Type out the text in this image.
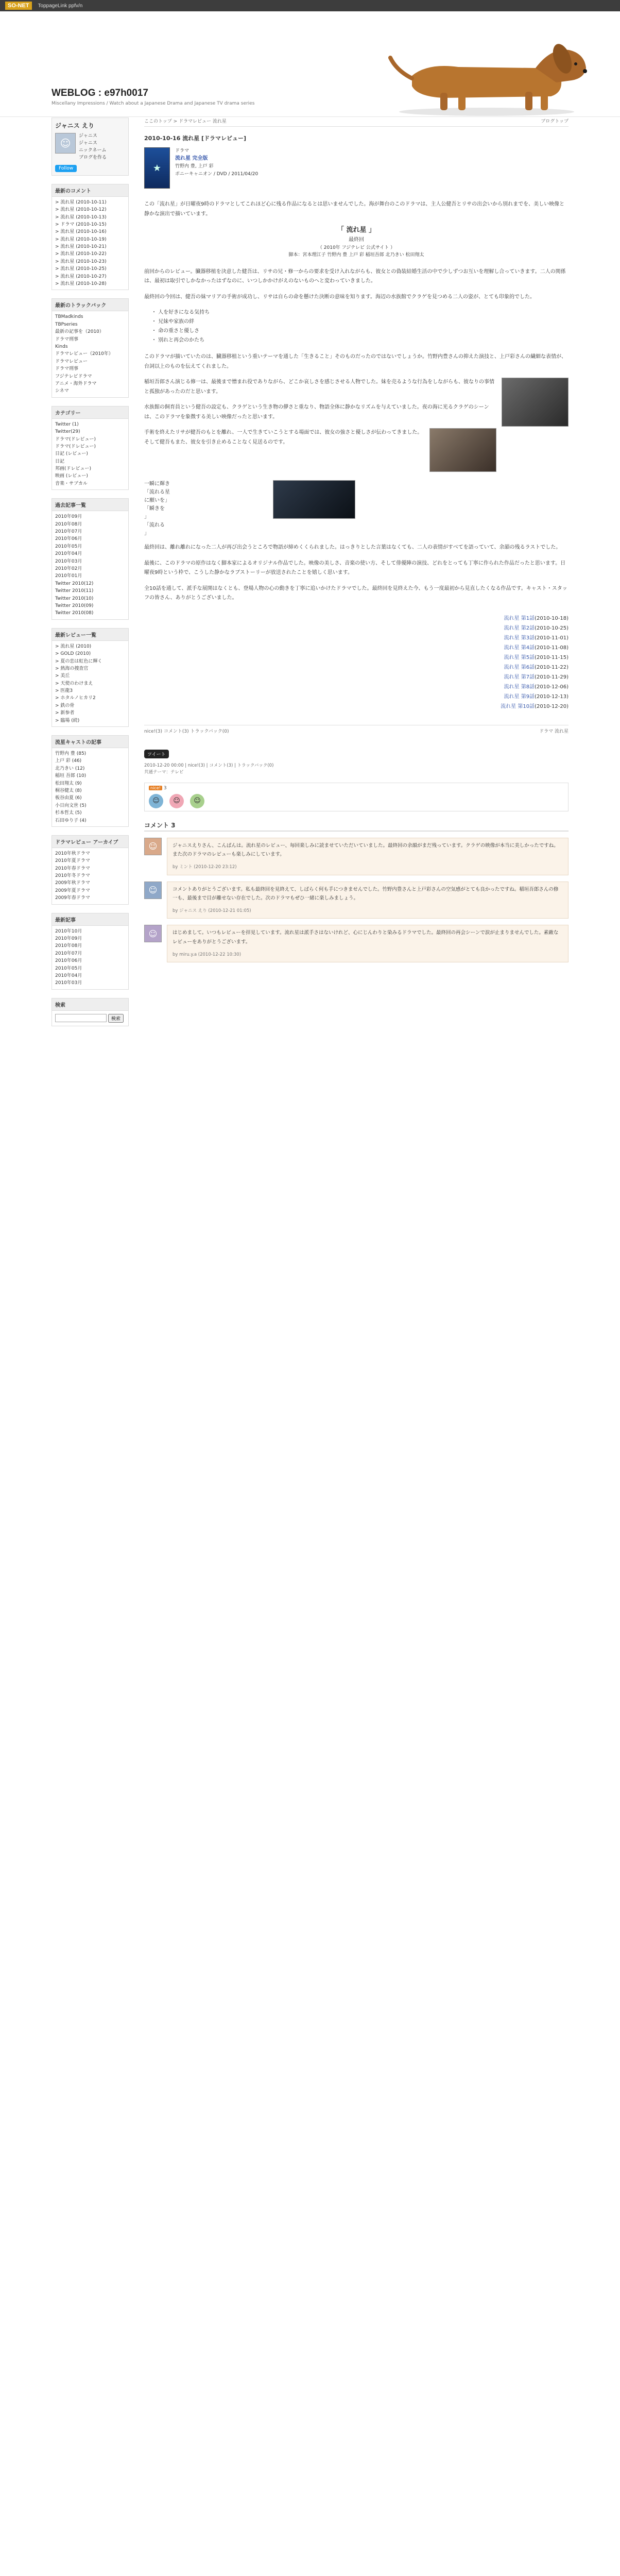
SO-NET	ToppageLink ppfv/n
WEBLOG : e97h0017
Miscellany Impressions / Watch about a Japanese Drama and Japanese TV drama series
ジャニス えり
☺
ジャニス
ジャニス
ニックネーム
ブログを作る
Follow
最新のコメント
> 流れ星 (2010-10-11)
> 流れ星 (2010-10-12)
> 流れ星 (2010-10-13)
> ドラマ (2010-10-15)
> 流れ星 (2010-10-16)
> 流れ星 (2010-10-19)
> 流れ星 (2010-10-21)
> 流れ星 (2010-10-22)
> 流れ星 (2010-10-23)
> 流れ星 (2010-10-25)
> 流れ星 (2010-10-27)
> 流れ星 (2010-10-28)
最新のトラックバック
TBMadkinds
TBPseries
最新の記事を（2010）
ドラマ刑事
Kinds
ドラマレビュー（2010年）
ドラマレビュー
ドラマ刑事
フジテレビドラマ
アニメ・海外ドラマ
シネマ
カテゴリー
Twitter (1)
Twitter(29)
ドラマ(ドレビュー)
ドラマ(ドレビュー)
日記 (レビュー)
日記
邦画(ドレビュー)
映画 (レビュー)
音楽・サブカル
過去記事一覧
2010年09月
2010年08月
2010年07月
2010年06月
2010年05月
2010年04月
2010年03月
2010年02月
2010年01月
Twitter 2010(12)
Twitter 2010(11)
Twitter 2010(10)
Twitter 2010(09)
Twitter 2010(08)
最新レビュー一覧
> 流れ星 (2010)
> GOLD (2010)
> 夏の恋は虹色に輝く
> 熱海の捜査官
> 美丘
> 天使のわけまえ
> 医龍3
> ホタルノヒカリ2
> 鉄の骨
> 新参者
> 臨場 (続)
流星キャストの記事
竹野内 豊 (85)
上戸 彩 (46)
北乃きい (12)
稲垣 吾郎 (10)
松田翔太 (9)
桐谷健太 (8)
板谷由夏 (6)
小日向文世 (5)
杉本哲太 (5)
石田ゆり子 (4)
ドラマレビュー アーカイブ
2010年秋ドラマ
2010年夏ドラマ
2010年春ドラマ
2010年冬ドラマ
2009年秋ドラマ
2009年夏ドラマ
2009年春ドラマ
最新記事
2010年10月
2010年09月
2010年08月
2010年07月
2010年06月
2010年05月
2010年04月
2010年03月
検索
検索
ここのトップ > ドラマレビュー 流れ星	ブログトップ
2010-10-16 流れ星 [ドラマレビュー]
★
ドラマ
流れ星 完全版
竹野内 豊, 上戸 彩
ポニーキャニオン / DVD / 2011/04/20

この「流れ星」が日曜夜9時のドラマとしてこれほど心に残る作品になるとは思いませんでした。海が舞台のこのドラマは、主人公健吾とリサの出会いから別れまでを、美しい映像と静かな演出で描いています。

「 流れ星 」
最終回
（ 2010年 フジテレビ 公式サイト ）
脚本：宮本理江子 竹野内 豊 上戸 彩 稲垣吾郎 北乃きい 松田翔太

前回からのレビュー。臓器移植を決意した健吾は、リサの兄・修一からの要求を受け入れながらも、彼女との偽装結婚生活の中で少しずつお互いを理解し合っていきます。二人の関係は、最初は取引でしかなかったはずなのに、いつしかかけがえのないものへと変わっていきました。

最終回の今回は、健吾の妹マリアの手術が成功し、リサは自らの命を懸けた決断の意味を知ります。海辺の水族館でクラゲを見つめる二人の姿が、とても印象的でした。

・ 人を好きになる気持ち
・ 兄妹や家族の絆
・ 命の重さと優しさ
・ 別れと再会のかたち

このドラマが描いていたのは、臓器移植という重いテーマを通した「生きること」そのものだったのではないでしょうか。竹野内豊さんの抑えた演技と、上戸彩さんの繊細な表情が、台詞以上のものを伝えてくれました。

稲垣吾郎さん演じる修一は、最後まで憎まれ役でありながら、どこか哀しさを感じさせる人物でした。妹を売るような行為をしながらも、彼なりの事情と孤独があったのだと思います。

水族館の飼育員という健吾の設定も、クラゲという生き物の儚さと重なり、物語全体に静かなリズムを与えていました。夜の海に光るクラゲのシーンは、このドラマを象徴する美しい映像だったと思います。

手術を終えたリサが健吾のもとを離れ、一人で生きていこうとする場面では、彼女の強さと優しさが伝わってきました。そして健吾もまた、彼女を引き止めることなく見送るのです。

一瞬に輝き
「流れる星
に願いを」
「瞬きを
」
「流れる
」

最終回は、離れ離れになった二人が再び出会うところで物語が締めくくられました。はっきりとした言葉はなくても、二人の表情がすべてを語っていて、余韻の残るラストでした。

最後に、このドラマの原作はなく脚本家によるオリジナル作品でした。映像の美しさ、音楽の使い方、そして俳優陣の演技、どれをとっても丁寧に作られた作品だったと思います。日曜夜9時という枠で、こうした静かなラブストーリーが放送されたことを嬉しく思います。

全10話を通して、派手な展開はなくとも、登場人物の心の動きを丁寧に追いかけたドラマでした。最終回を見終えた今、もう一度最初から見直したくなる作品です。キャスト・スタッフの皆さん、ありがとうございました。

流れ星 第1話(2010-10-18)
流れ星 第2話(2010-10-25)
流れ星 第3話(2010-11-01)
流れ星 第4話(2010-11-08)
流れ星 第5話(2010-11-15)
流れ星 第6話(2010-11-22)
流れ星 第7話(2010-11-29)
流れ星 第8話(2010-12-06)
流れ星 第9話(2010-12-13)
流れ星 第10話(2010-12-20)
nice!(3) コメント(3) トラックバック(0)	ドラマ 流れ星
ツイート
2010-12-20 00:00 | nice!(3) | コメント(3) | トラックバック(0)
共通テーマ：テレビ
nice! 3
☺	☺	☺
コメント 3
☺	ジャニスえりさん、こんばんは。流れ星のレビュー、毎回楽しみに読ませていただいていました。最終回の余韻がまだ残っています。クラゲの映像が本当に美しかったですね。また次のドラマのレビューも楽しみにしています。

by ミント (2010-12-20 23:12)
☺	コメントありがとうございます。私も最終回を見終えて、しばらく何も手につきませんでした。竹野内豊さんと上戸彩さんの空気感がとても良かったですね。稲垣吾郎さんの修一も、最後まで目が離せない存在でした。次のドラマもぜひ一緒に楽しみましょう。

by ジャニス えり (2010-12-21 01:05)
☺	はじめまして。いつもレビューを拝見しています。流れ星は派手さはないけれど、心にじんわりと染みるドラマでした。最終回の再会シーンで涙が止まりませんでした。素敵なレビューをありがとうございます。

by miru.y.a (2010-12-22 10:30)
